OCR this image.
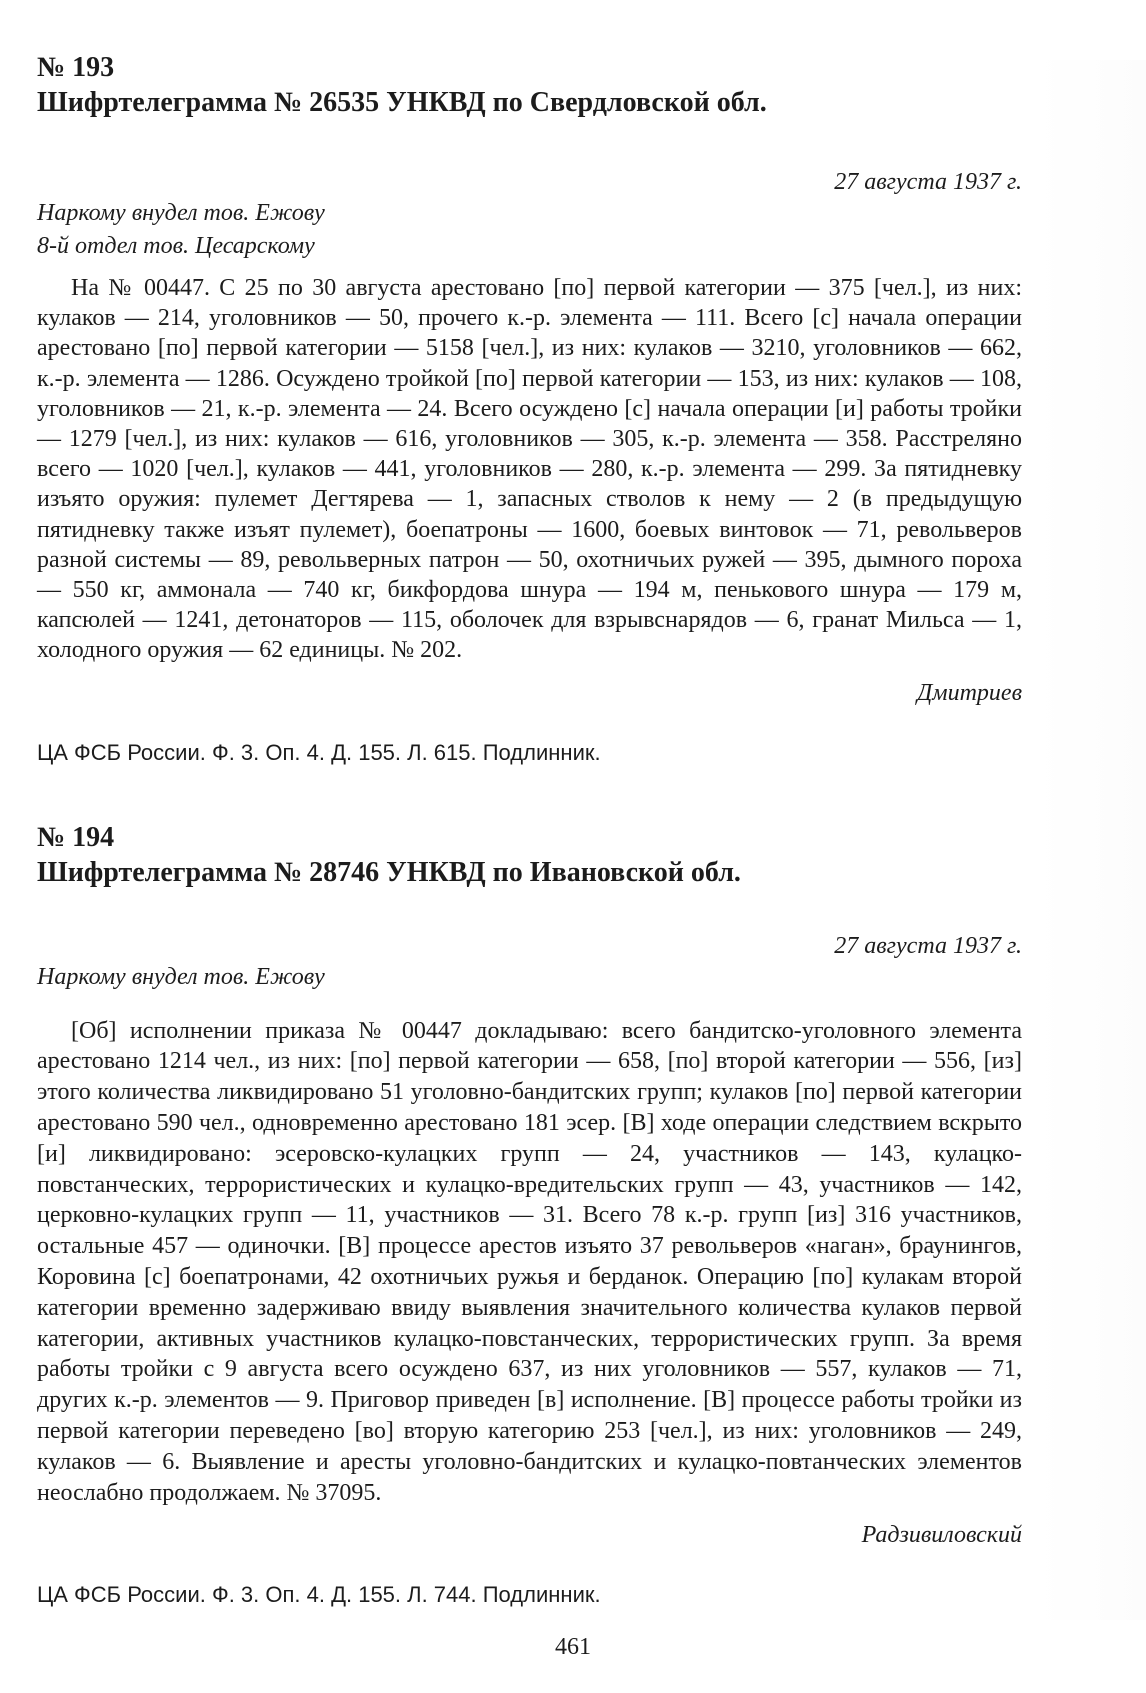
№ 193

Шифртелеграмма № 26535 УНКВД по Свердловской обл.

27 августа 1937 г.

Наркому внудел тов. Ежову

8-й отдел тов. Цесарскому

На № 00447. С 25 по 30 августа арестовано [по] первой категории — 375 [чел.], из них: кулаков — 214, уголовников — 50, прочего к.-р. элемента — 111. Всего [с] начала операции арестовано [по] первой категории — 5158 [чел.], из них: кулаков — 3210, уголовников — 662, к.-р. элемента — 1286. Осуждено тройкой [по] первой категории — 153, из них: кулаков — 108, уголовников — 21, к.-р. элемента — 24. Всего осуждено [с] начала операции [и] работы тройки — 1279 [чел.], из них: кулаков — 616, уголовников — 305, к.-р. элемента — 358. Расстреляно всего — 1020 [чел.], кулаков — 441, уголовников — 280, к.-р. элемента — 299. За пятидневку изъято оружия: пулемет Дегтярева — 1, запасных стволов к нему — 2 (в предыдущую пятидневку также изъят пулемет), боепатроны — 1600, боевых винтовок — 71, револьверов разной системы — 89, револьверных патрон — 50, охотничьих ружей — 395, дымного пороха — 550 кг, аммонала — 740 кг, бикфордова шнура — 194 м, пенькового шнура — 179 м, капсюлей — 1241, детонаторов — 115, оболочек для взрывснарядов — 6, гранат Мильса — 1, холодного оружия — 62 единицы. № 202.

Дмитриев

ЦА ФСБ России. Ф. 3. Оп. 4. Д. 155. Л. 615. Подлинник.

№ 194

Шифртелеграмма № 28746 УНКВД по Ивановской обл.

27 августа 1937 г.

Наркому внудел тов. Ежову

[Об] исполнении приказа № 00447 докладываю: всего бандитско-уголовного элемента арестовано 1214 чел., из них: [по] первой категории — 658, [по] второй категории — 556, [из] этого количества ликвидировано 51 уголовно-бандитских групп; кулаков [по] первой категории арестовано 590 чел., одновременно арестовано 181 эсер. [В] ходе операции следствием вскрыто [и] ликвидировано: эсеровско-кулацких групп — 24, участников — 143, кулацко-повстанческих, террористических и кулацко-вредительских групп — 43, участников — 142, церковно-кулацких групп — 11, участников — 31. Всего 78 к.-р. групп [из] 316 участников, остальные 457 — одиночки. [В] процессе арестов изъято 37 револьверов «наган», браунингов, Коровина [с] боепатронами, 42 охотничьих ружья и берданок. Операцию [по] кулакам второй категории временно задерживаю ввиду выявления значительного количества кулаков первой категории, активных участников кулацко-повстанческих, террористических групп. За время работы тройки с 9 августа всего осуждено 637, из них уголовников — 557, кулаков — 71, других к.-р. элементов — 9. Приговор приведен [в] исполнение. [В] процессе работы тройки из первой категории переведено [во] вторую категорию 253 [чел.], из них: уголовников — 249, кулаков — 6. Выявление и аресты уголовно-бандитских и кулацко-повтанческих элементов неослабно продолжаем. № 37095.

Радзивиловский

ЦА ФСБ России. Ф. 3. Оп. 4. Д. 155. Л. 744. Подлинник.

461
